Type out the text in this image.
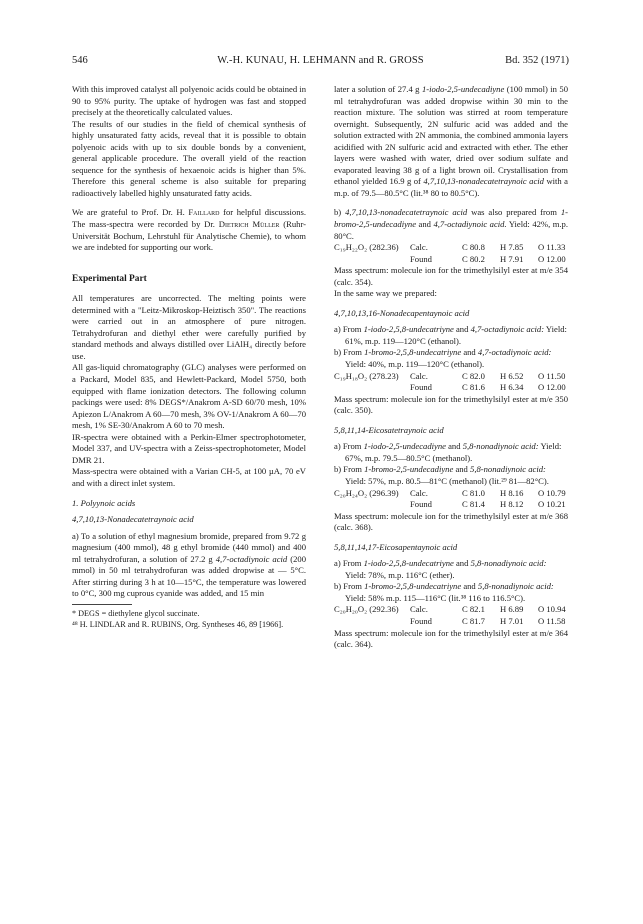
546	W.-H. KUNAU, H. LEHMANN and R. GROSS	Bd. 352 (1971)

With this improved catalyst all polyenoic acids could be obtained in 90 to 95% purity. The uptake of hydrogen was fast and stopped precisely at the theoretically calculated values.

The results of our studies in the field of chemical synthesis of highly unsaturated fatty acids, reveal that it is possible to obtain polyenoic acids with up to six double bonds by a convenient, general applicable procedure. The overall yield of the reaction sequence for the synthesis of hexaenoic acids is higher than 5%. Therefore this general scheme is also suitable for preparing radioactively labelled highly unsaturated fatty acids.

We are grateful to Prof. Dr. H. Faillard for helpful discussions. The mass-spectra were recorded by Dr. Dietrich Müller (Ruhr-Universität Bochum, Lehrstuhl für Analytische Chemie), to whom we are indebted for supporting our work.

Experimental Part

All temperatures are uncorrected. The melting points were determined with a "Leitz-Mikroskop-Heiztisch 350". The reactions were carried out in an atmosphere of pure nitrogen. Tetrahydrofuran and diethyl ether were carefully purified by standard methods and always distilled over LiAlH₄ directly before use.

All gas-liquid chromatography (GLC) analyses were performed on a Packard, Model 835, and Hewlett-Packard, Model 5750, both equipped with flame ionization detectors. The following column packings were used: 8% DEGS*/Anakrom A-SD 60/70 mesh, 10% Apiezon L/Anakrom A 60—70 mesh, 3% OV-1/Anakrom A 60—70 mesh, 1% SE-30/Anakrom A 60 to 70 mesh.

IR-spectra were obtained with a Perkin-Elmer spectrophotometer, Model 337, and UV-spectra with a Zeiss-spectrophotometer, Model DMR 21.

Mass-spectra were obtained with a Varian CH-5, at 100 µA, 70 eV and with a direct inlet system.

1. Polyynoic acids

4,7,10,13-Nonadecatetraynoic acid

a) To a solution of ethyl magnesium bromide, prepared from 9.72 g magnesium (400 mmol), 48 g ethyl bromide (440 mmol) and 400 ml tetrahydrofuran, a solution of 27.2 g 4,7-octadiynoic acid (200 mmol) in 50 ml tetrahydrofuran was added dropwise at — 5°C. After stirring during 3 h at 10—15°C, the temperature was lowered to 0°C, 300 mg cuprous cyanide was added, and 15 min

* DEGS = diethylene glycol succinate.

⁴⁸ H. LINDLAR and R. RUBINS, Org. Syntheses 46, 89 [1966].

later a solution of 27.4 g 1-iodo-2,5-undecadiyne (100 mmol) in 50 ml tetrahydrofuran was added dropwise within 30 min to the reaction mixture. The solution was stirred at room temperature overnight. Subsequently, 2N sulfuric acid was added and the solution extracted with 2N ammonia, the combined ammonia layers acidified with 2N sulfuric acid and extracted with ether. The ether layers were washed with water, dried over sodium sulfate and evaporated leaving 38 g of a light brown oil. Crystallisation from ethanol yielded 16.9 g of 4,7,10,13-nonadecatetraynoic acid with a m.p. of 79.5—80.5°C (lit.³⁸ 80 to 80.5°C).

b) 4,7,10,13-nonadecatetraynoic acid was also prepared from 1-bromo-2,5-undecadiyne and 4,7-octadiynoic acid. Yield: 42%, m.p. 80°C.

C₁₉H₂₂O₂ (282.36)	Calc.	C 80.8	H 7.85	O 11.33
Found	C 80.2	H 7.91	O 12.00

Mass spectrum: molecule ion for the trimethylsilyl ester at m/e 354 (calc. 354).

In the same way we prepared:

4,7,10,13,16-Nonadecapentaynoic acid

a) From 1-iodo-2,5,8-undecatriyne and 4,7-octadiynoic acid: Yield: 61%, m.p. 119—120°C (ethanol).

b) From 1-bromo-2,5,8-undecatriyne and 4,7-octadiynoic acid: Yield: 40%, m.p. 119—120°C (ethanol).

C₁₉H₁₈O₂ (278.23)	Calc.	C 82.0	H 6.52	O 11.50
Found	C 81.6	H 6.34	O 12.00

Mass spectrum: molecule ion for the trimethylsilyl ester at m/e 350 (calc. 350).

5,8,11,14-Eicosatetraynoic acid

a) From 1-iodo-2,5-undecadiyne and 5,8-nonadiynoic acid: Yield: 67%, m.p. 79.5—80.5°C (methanol).

b) From 1-bromo-2,5-undecadiyne and 5,8-nonadiynoic acid: Yield: 57%, m.p. 80.5—81°C (methanol) (lit.²⁹ 81—82°C).

C₂₀H₂₄O₂ (296.39)	Calc.	C 81.0	H 8.16	O 10.79
Found	C 81.4	H 8.12	O 10.21

Mass spectrum: molecule ion for the trimethylsilyl ester at m/e 368 (calc. 368).

5,8,11,14,17-Eicosapentaynoic acid

a) From 1-iodo-2,5,8-undecatriyne and 5,8-nonadiynoic acid: Yield: 78%, m.p. 116°C (ether).

b) From 1-bromo-2,5,8-undecatriyne and 5,8-nonadiynoic acid: Yield: 58% m.p. 115—116°C (lit.³⁸ 116 to 116.5°C).

C₂₀H₂₀O₂ (292.36)	Calc.	C 82.1	H 6.89	O 10.94
Found	C 81.7	H 7.01	O 11.58

Mass spectrum: molecule ion for the trimethylsilyl ester at m/e 364 (calc. 364).
